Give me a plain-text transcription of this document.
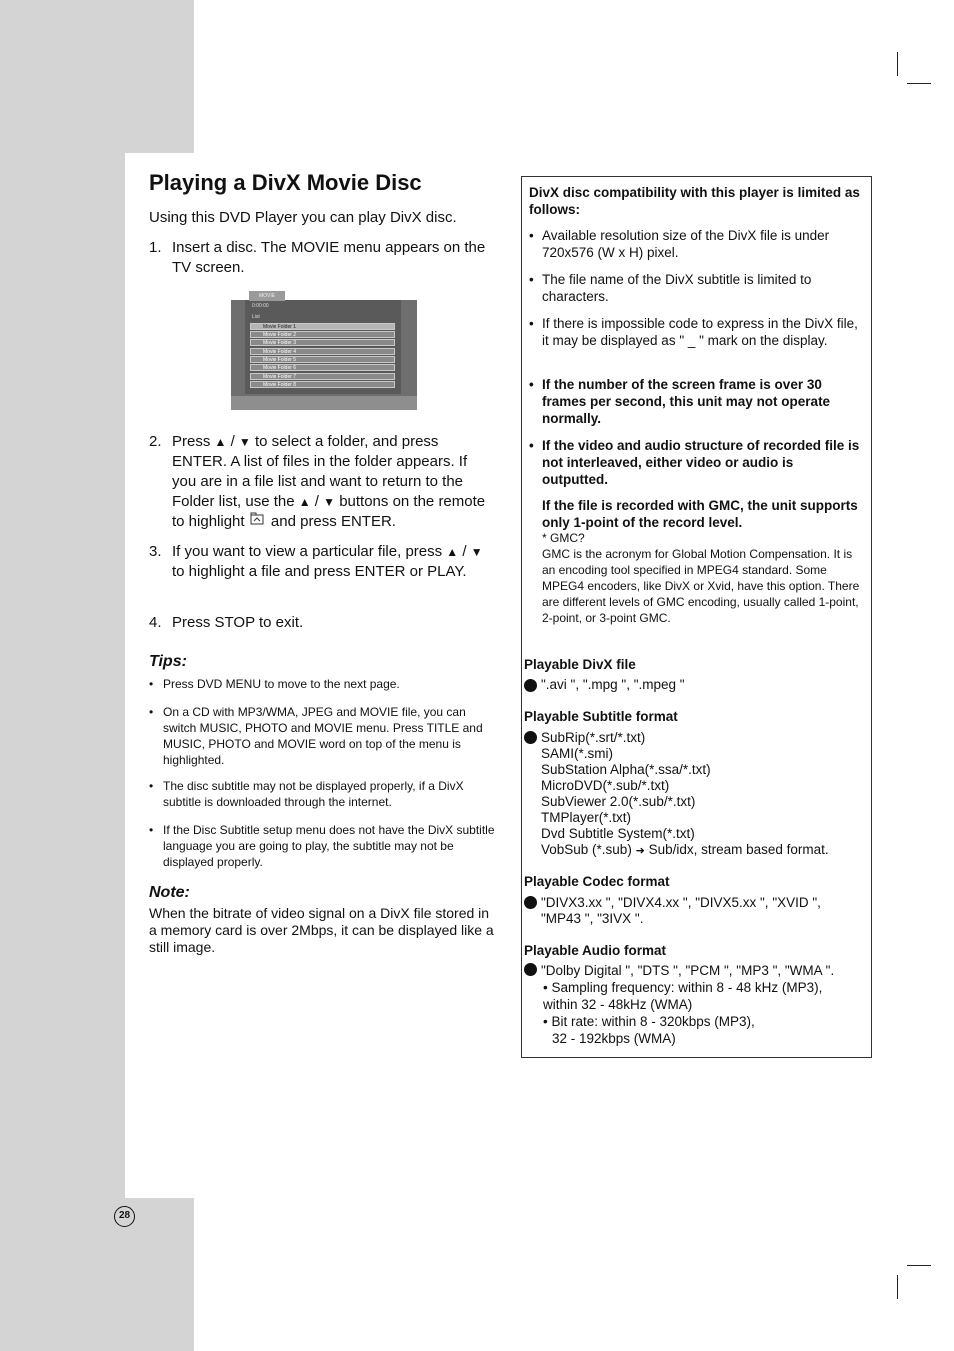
Playing a DivX Movie Disc
Using this DVD Player you can play DivX disc.
1. Insert a disc. The MOVIE menu appears on the TV screen.
MOVIE
0:00:00
List
Movie Folder 1
Movie Folder 2
Movie Folder 3
Movie Folder 4
Movie Folder 5
Movie Folder 6
Movie Folder 7
Movie Folder 8
2. Press ▲ / ▼ to select a folder, and press ENTER. A list of files in the folder appears. If you are in a file list and want to return to the Folder list, use the ▲ / ▼ buttons on the remote to highlight  and press ENTER.
3. If you want to view a particular file, press ▲ / ▼ to highlight a file and press ENTER or PLAY.
4. Press STOP to exit.
Tips:
• Press DVD MENU to move to the next page.
• On a CD with MP3/WMA, JPEG and MOVIE file, you can switch MUSIC, PHOTO and MOVIE menu. Press TITLE and MUSIC, PHOTO and MOVIE word on top of the menu is highlighted.
• The disc subtitle may not be displayed properly, if a DivX subtitle is downloaded through the internet.
• If the Disc Subtitle setup menu does not have the DivX subtitle language you are going to play, the subtitle may not be displayed properly.
Note:
When the bitrate of video signal on a DivX file stored in a memory card is over 2Mbps, it can be displayed like a still image.
DivX disc compatibility with this player is limited as follows:
• Available resolution size of the DivX file is under 720x576 (W x H) pixel.
• The file name of the DivX subtitle is limited to characters.
• If there is impossible code to express in the DivX file, it may be displayed as " _ " mark on the display.
• If the number of the screen frame is over 30 frames per second, this unit may not operate normally.
• If the video and audio structure of recorded file is not interleaved, either video or audio is outputted.
If the file is recorded with GMC, the unit supports only 1-point of the record level.
* GMC?
GMC is the acronym for Global Motion Compensation. It is an encoding tool specified in MPEG4 standard. Some MPEG4 encoders, like DivX or Xvid, have this option. There are different levels of GMC encoding, usually called 1-point, 2-point, or 3-point GMC.
Playable DivX file
".avi ", ".mpg ", ".mpeg "
Playable Subtitle format
SubRip(*.srt/*.txt)
SAMI(*.smi)
SubStation Alpha(*.ssa/*.txt)
MicroDVD(*.sub/*.txt)
SubViewer 2.0(*.sub/*.txt)
TMPlayer(*.txt)
Dvd Subtitle System(*.txt)
VobSub (*.sub) ➜ Sub/idx, stream based format.
Playable Codec format
"DIVX3.xx ", "DIVX4.xx ", "DIVX5.xx ", "XVID ", "MP43 ", "3IVX ".
Playable Audio format
"Dolby Digital ", "DTS ", "PCM ", "MP3 ", "WMA ".
• Sampling frequency: within 8 - 48 kHz (MP3), within 32 - 48kHz (WMA)
• Bit rate: within 8 - 320kbps (MP3),
32 - 192kbps (WMA)
28
